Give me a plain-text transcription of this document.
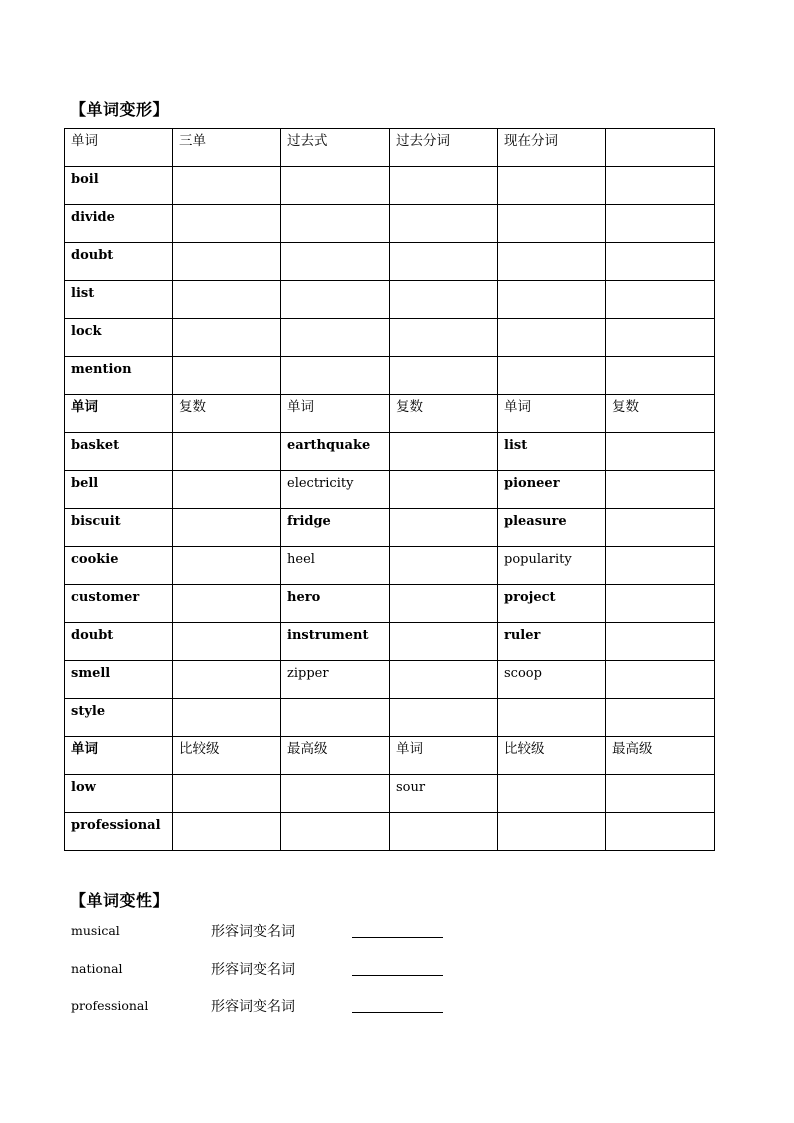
【单词变形】
单词	三单	过去式	过去分词	现在分词	
boil					
divide					
doubt					
list					
lock					
mention					
单词	复数	单词	复数	单词	复数
basket		earthquake		list	
bell		electricity		pioneer	
biscuit		fridge		pleasure	
cookie		heel		popularity	
customer		hero		project	
doubt		instrument		ruler	
smell		zipper		scoop	
style					
单词	比较级	最高级	单词	比较级	最高级
low			sour		
professional					
【单词变性】
musical	形容词变名词
national	形容词变名词
professional	形容词变名词
